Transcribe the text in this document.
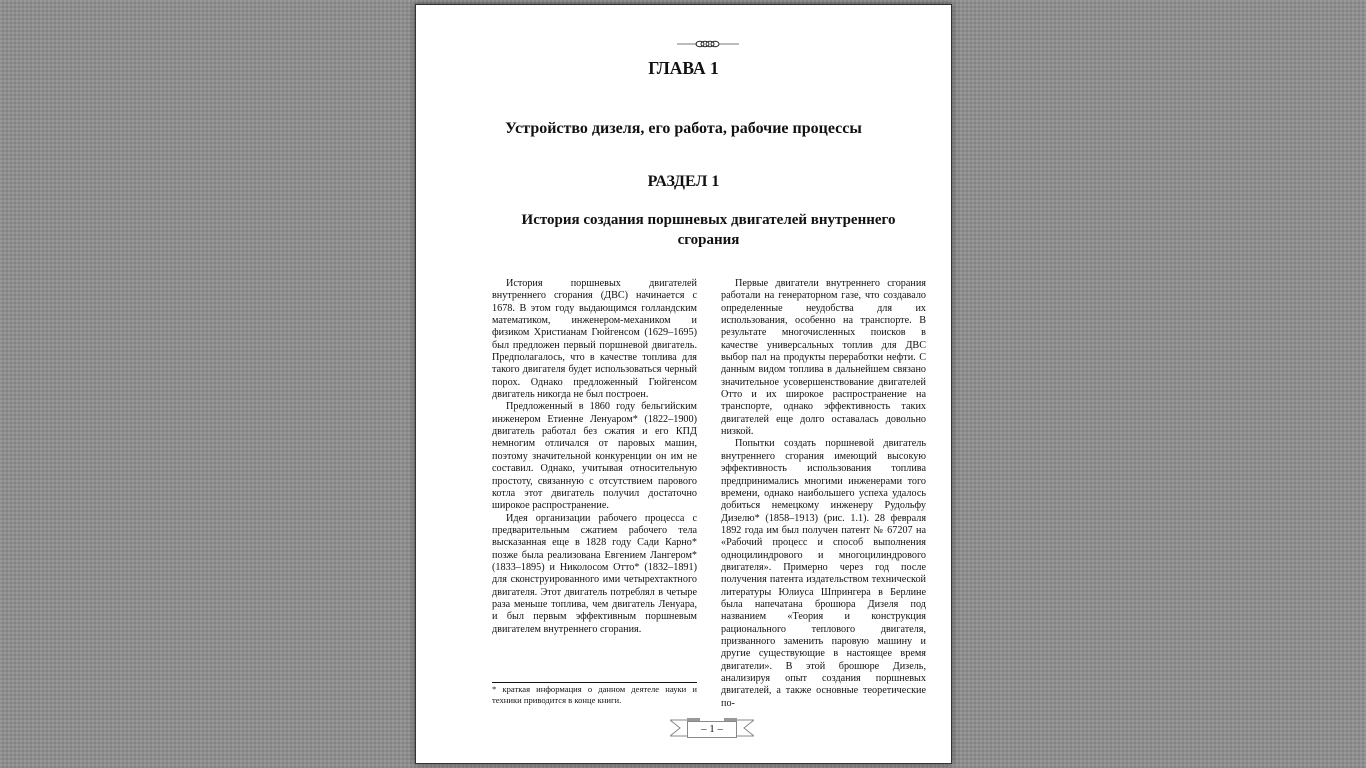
ГЛАВА 1
Устройство дизеля, его работа, рабочие процессы
РАЗДЕЛ 1
История создания поршневых двигателей внутреннего сгорания

История поршневых двигателей внутреннего сгорания (ДВС) начинается с 1678. В этом году выдающимся голландским математиком, инженером-механиком и физиком Христианам Гюйгенсом (1629–1695) был предложен первый поршневой двигатель. Предполагалось, что в качестве топлива для такого двигателя будет использоваться черный порох. Однако предложенный Гюйгенсом двигатель никогда не был построен.

Предложенный в 1860 году бельгийским инженером Етиенне Ленуаром* (1822–1900) двигатель работал без сжатия и его КПД немногим отличался от паровых машин, поэтому значительной конкуренции он им не составил. Однако, учитывая относительную простоту, связанную с отсутствием парового котла этот двигатель получил достаточно широкое распространение.

Идея организации рабочего процесса с предварительным сжатием рабочего тела высказанная еще в 1828 году Сади Карно* позже была реализована Евгением Лангером* (1833–1895) и Николосом Отто* (1832–1891) для сконструированного ими четырехтактного двигателя. Этот двигатель потреблял в четыре раза меньше топлива, чем двигатель Ленуара, и был первым эффективным поршневым двигателем внутреннего сгорания.

Первые двигатели внутреннего сгорания работали на генераторном газе, что создавало определенные неудобства для их использования, особенно на транспорте. В результате многочисленных поисков в качестве универсальных топлив для ДВС выбор пал на продукты переработки нефти. С данным видом топлива в дальнейшем связано значительное усовершенствование двигателей Отто и их широкое распространение на транспорте, однако эффективность таких двигателей еще долго оставалась довольно низкой.

Попытки создать поршневой двигатель внутреннего сгорания имеющий высокую эффективность использования топлива предпринимались многими инженерами того времени, однако наибольшего успеха удалось добиться немецкому инженеру Рудольфу Дизелю* (1858–1913) (рис. 1.1). 28 февраля 1892 года им был получен патент № 67207 на «Рабочий процесс и способ выполнения одноцилиндрового и многоцилиндрового двигателя». Примерно через год после получения патента издательством технической литературы Юлиуса Шпрингера в Берлине была напечатана брошюра Дизеля под названием «Теория и конструкция рационального теплового двигателя, призванного заменить паровую машину и другие существующие в настоящее время двигатели». В этой брошюре Дизель, анализируя опыт создания поршневых двигателей, а также основные теоретические по-

* краткая информация о данном деятеле науки и техники приводится в конце книги.
– 1 –
